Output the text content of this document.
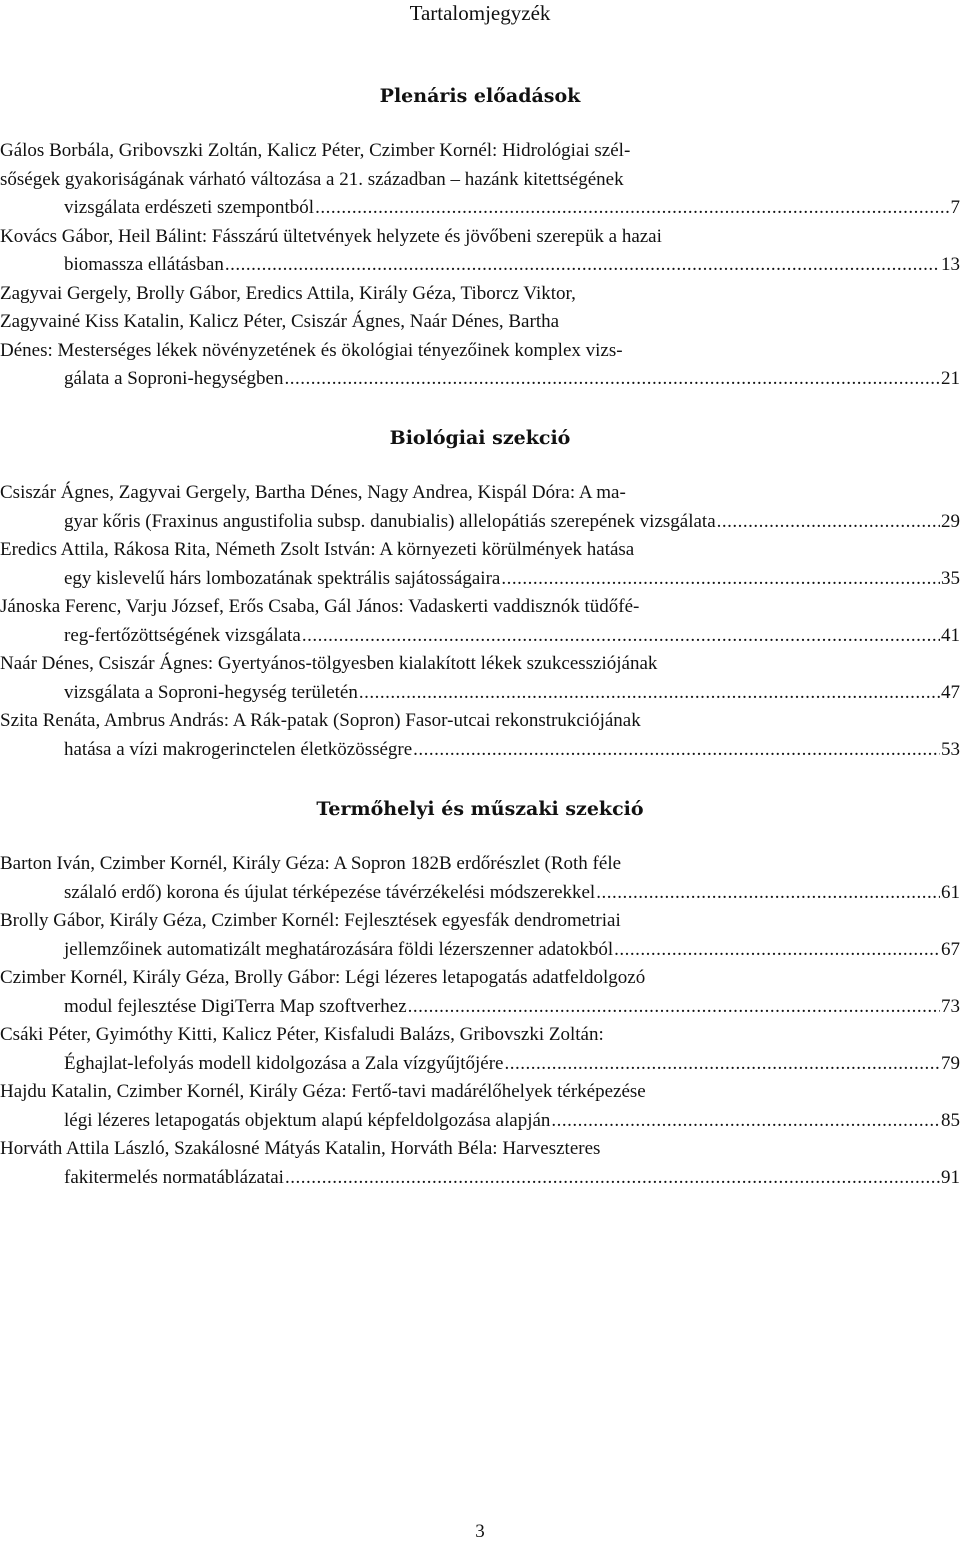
Tartalomjegyzék
Plenáris előadások
Gálos Borbála, Gribovszki Zoltán, Kalicz Péter, Czimber Kornél: Hidrológiai szél-
sőségek gyakoriságának várható változása a 21. században – hazánk kitettségének
vizsgálata erdészeti szempontból .....	7
Kovács Gábor, Heil Bálint: Fásszárú ültetvények helyzete és jövőbeni szerepük a hazai
biomassza ellátásban .....	13
Zagyvai Gergely, Brolly Gábor, Eredics Attila, Király Géza, Tiborcz Viktor,
Zagyvainé Kiss Katalin, Kalicz Péter, Csiszár Ágnes, Naár Dénes, Bartha
Dénes: Mesterséges lékek növényzetének és ökológiai tényezőinek komplex vizs-
gálata a Soproni-hegységben .....	21
Biológiai szekció
Csiszár Ágnes, Zagyvai Gergely, Bartha Dénes, Nagy Andrea, Kispál Dóra: A ma-
gyar kőris (Fraxinus angustifolia subsp. danubialis) allelopátiás szerepének vizsgálata .....	29
Eredics Attila, Rákosa Rita, Németh Zsolt István: A környezeti körülmények hatása
egy kislevelű hárs lombozatának spektrális sajátosságaira .....	35
Jánoska Ferenc, Varju József, Erős Csaba, Gál János: Vadaskerti vaddisznók tüdőfé-
reg-fertőzöttségének vizsgálata .....	41
Naár Dénes, Csiszár Ágnes: Gyertyános-tölgyesben kialakított lékek szukcessziójának
vizsgálata a Soproni-hegység területén .....	47
Szita Renáta, Ambrus András: A Rák-patak (Sopron) Fasor-utcai rekonstrukciójának
hatása a vízi makrogerinctelen életközösségre .....	53
Termőhelyi és műszaki szekció
Barton Iván, Czimber Kornél, Király Géza: A Sopron 182B erdőrészlet (Roth féle
szálaló erdő) korona és újulat térképezése távérzékelési módszerekkel .....	61
Brolly Gábor, Király Géza, Czimber Kornél: Fejlesztések egyesfák dendrometriai
jellemzőinek automatizált meghatározására földi lézerszenner adatokból .....	67
Czimber Kornél, Király Géza, Brolly Gábor: Légi lézeres letapogatás adatfeldolgozó
modul fejlesztése DigiTerra Map szoftverhez .....	73
Csáki Péter, Gyimóthy Kitti, Kalicz Péter, Kisfaludi Balázs, Gribovszki Zoltán:
Éghajlat-lefolyás modell kidolgozása a Zala vízgyűjtőjére .....	79
Hajdu Katalin, Czimber Kornél, Király Géza: Fertő-tavi madárélőhelyek térképezése
légi lézeres letapogatás objektum alapú képfeldolgozása alapján .....	85
Horváth Attila László, Szakálosné Mátyás Katalin, Horváth Béla: Harveszteres
fakitermelés normatáblázatai .....	91
3
